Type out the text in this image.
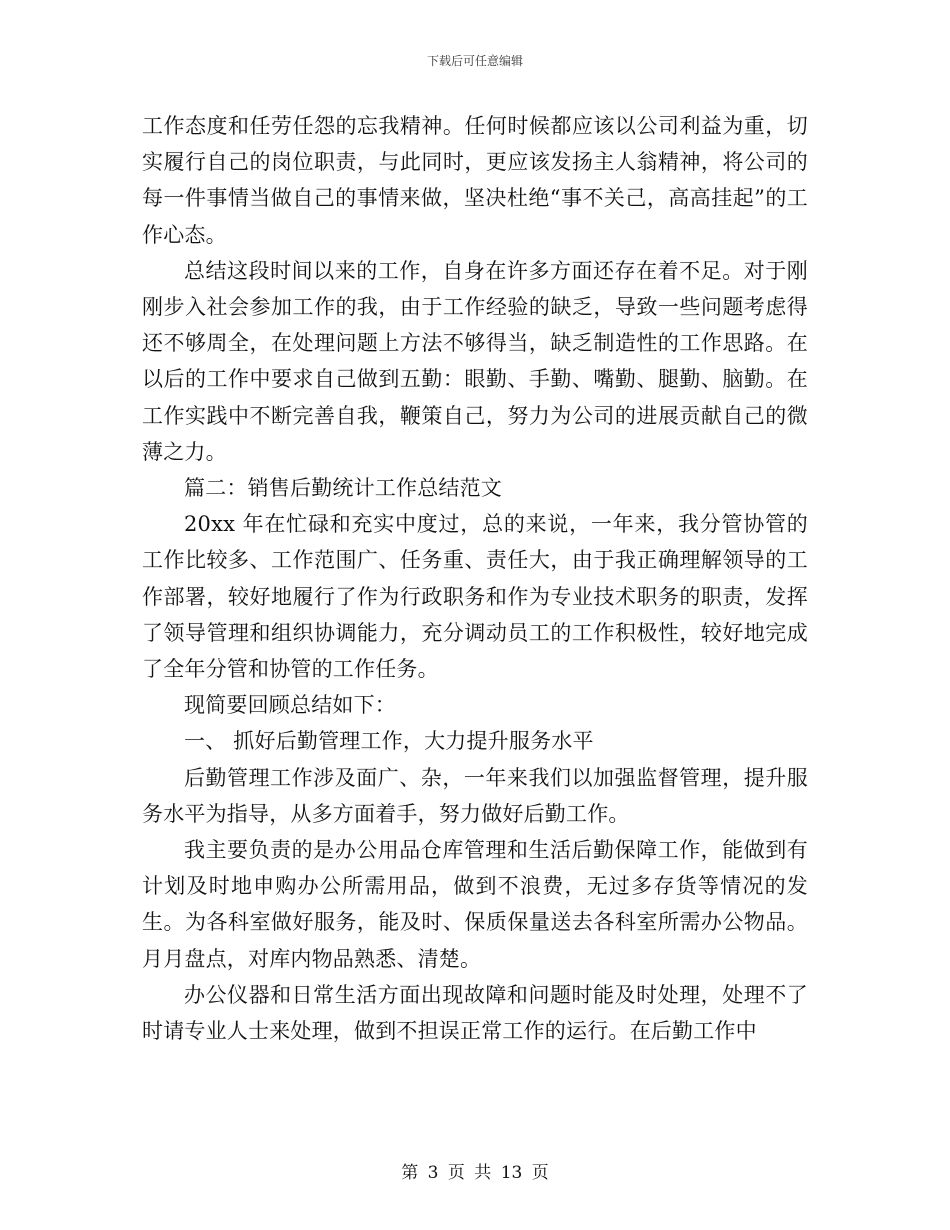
下载后可任意编辑

工作态度和任劳任怨的忘我精神。任何时候都应该以公司利益为重，切实履行自己的岗位职责，与此同时，更应该发扬主人翁精神，将公司的每一件事情当做自己的事情来做，坚决杜绝“事不关己，高高挂起”的工作心态。

总结这段时间以来的工作，自身在许多方面还存在着不足。对于刚刚步入社会参加工作的我，由于工作经验的缺乏，导致一些问题考虑得还不够周全，在处理问题上方法不够得当，缺乏制造性的工作思路。在以后的工作中要求自己做到五勤：眼勤、手勤、嘴勤、腿勤、脑勤。在工作实践中不断完善自我，鞭策自己，努力为公司的进展贡献自己的微薄之力。

篇二：销售后勤统计工作总结范文

20xx 年在忙碌和充实中度过，总的来说，一年来，我分管协管的工作比较多、工作范围广、任务重、责任大，由于我正确理解领导的工作部署，较好地履行了作为行政职务和作为专业技术职务的职责，发挥了领导管理和组织协调能力，充分调动员工的工作积极性，较好地完成了全年分管和协管的工作任务。

现简要回顾总结如下：

一、 抓好后勤管理工作，大力提升服务水平

后勤管理工作涉及面广、杂，一年来我们以加强监督管理，提升服务水平为指导，从多方面着手，努力做好后勤工作。

我主要负责的是办公用品仓库管理和生活后勤保障工作，能做到有计划及时地申购办公所需用品，做到不浪费，无过多存货等情况的发生。为各科室做好服务，能及时、保质保量送去各科室所需办公物品。月月盘点，对库内物品熟悉、清楚。

办公仪器和日常生活方面出现故障和问题时能及时处理，处理不了时请专业人士来处理，做到不担误正常工作的运行。在后勤工作中

第 3 页 共 13 页
